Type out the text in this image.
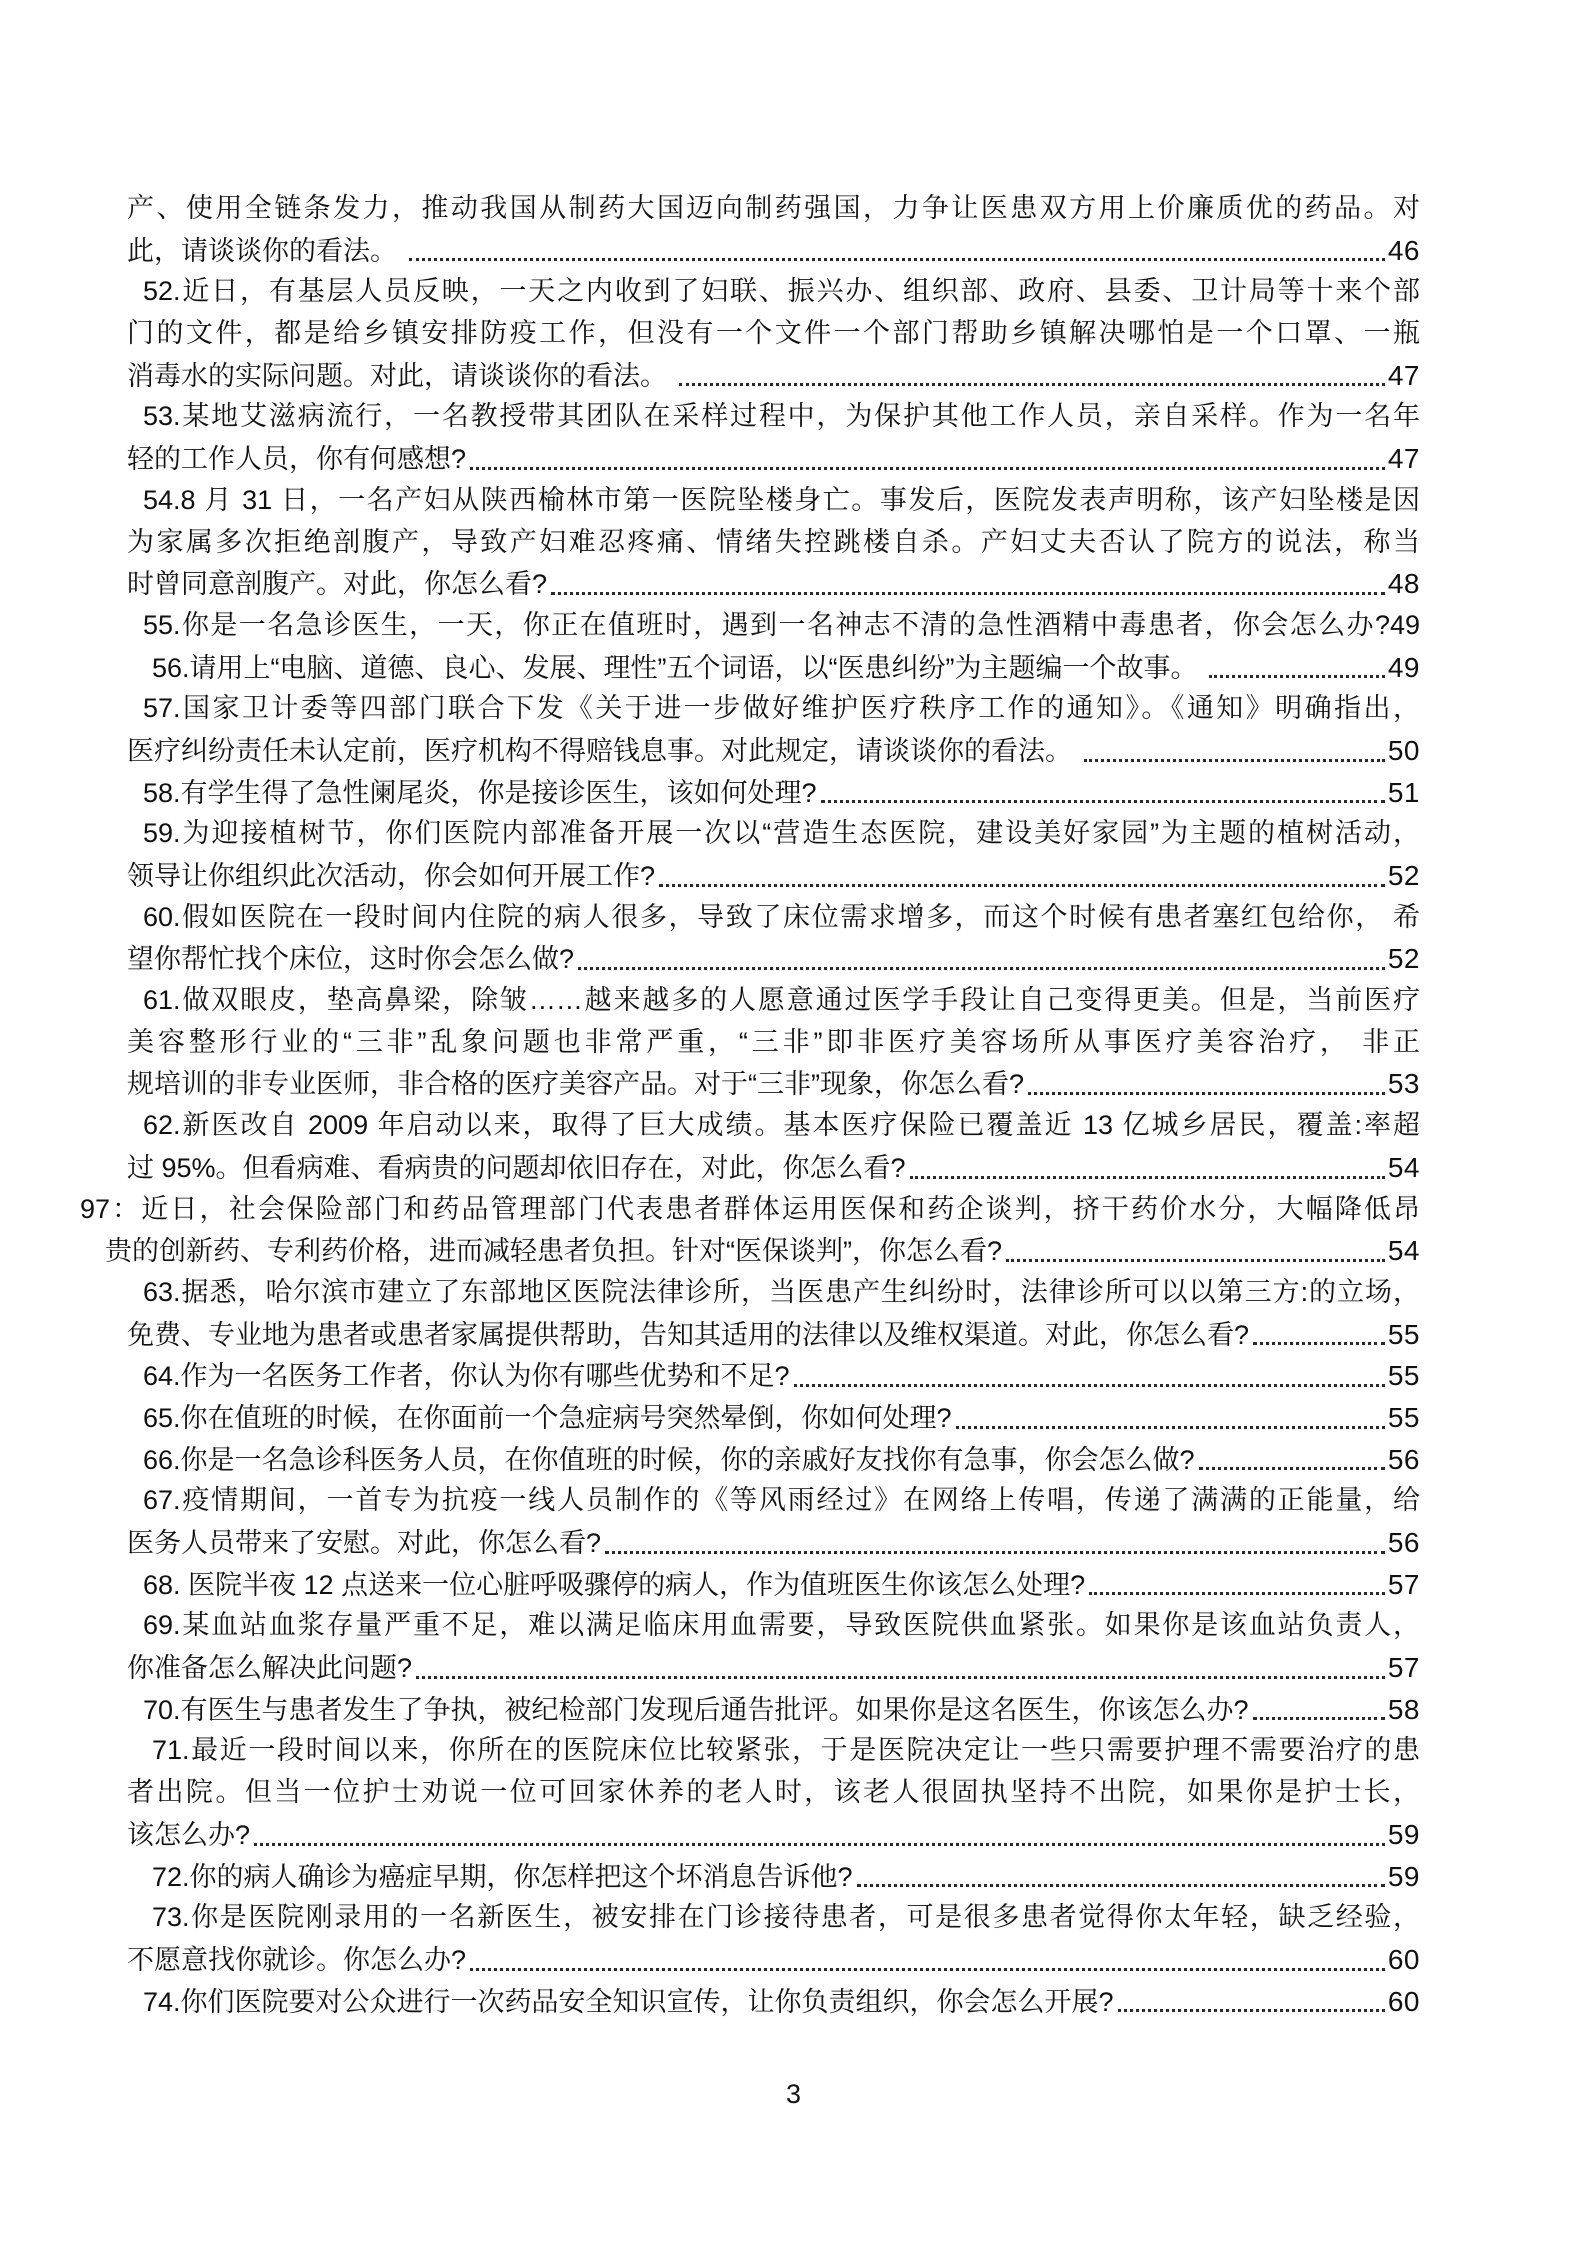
产、使用全链条发力，推动我国从制药大国迈向制药强国，力争让医患双方用上价廉质优的药品。对
此，请谈谈你的看法。	46
52.近日，有基层人员反映，一天之内收到了妇联、振兴办、组织部、政府、县委、卫计局等十来个部
门的文件，都是给乡镇安排防疫工作，但没有一个文件一个部门帮助乡镇解决哪怕是一个口罩、一瓶
消毒水的实际问题。对此，请谈谈你的看法。	47
53.某地艾滋病流行，一名教授带其团队在采样过程中，为保护其他工作人员，亲自采样。作为一名年
轻的工作人员，你有何感想?	47
54.8 月 31 日，一名产妇从陕西榆林市第一医院坠楼身亡。事发后，医院发表声明称，该产妇坠楼是因
为家属多次拒绝剖腹产，导致产妇难忍疼痛、情绪失控跳楼自杀。产妇丈夫否认了院方的说法，称当
时曾同意剖腹产。对此，你怎么看?	48
55.你是一名急诊医生，一天，你正在值班时，遇到一名神志不清的急性酒精中毒患者，你会怎么办?49
56.请用上“电脑、道德、良心、发展、理性”五个词语，以“医患纠纷”为主题编一个故事。	49
57.国家卫计委等四部门联合下发《关于进一步做好维护医疗秩序工作的通知》。《通知》明确指出，
医疗纠纷责任未认定前，医疗机构不得赔钱息事。对此规定，请谈谈你的看法。	50
58.有学生得了急性阑尾炎，你是接诊医生，该如何处理?	51
59.为迎接植树节，你们医院内部准备开展一次以“营造生态医院，建设美好家园”为主题的植树活动，
领导让你组织此次活动，你会如何开展工作?	52
60.假如医院在一段时间内住院的病人很多，导致了床位需求增多，而这个时候有患者塞红包给你， 希
望你帮忙找个床位，这时你会怎么做?	52
61.做双眼皮，垫高鼻梁，除皱……越来越多的人愿意通过医学手段让自己变得更美。但是，当前医疗
美容整形行业的“三非”乱象问题也非常严重，“三非”即非医疗美容场所从事医疗美容治疗， 非正
规培训的非专业医师，非合格的医疗美容产品。对于“三非”现象，你怎么看?	53
62.新医改自 2009 年启动以来，取得了巨大成绩。基本医疗保险已覆盖近 13 亿城乡居民，覆盖:率超
过 95%。但看病难、看病贵的问题却依旧存在，对此，你怎么看?	54
97：近日，社会保险部门和药品管理部门代表患者群体运用医保和药企谈判，挤干药价水分，大幅降低昂
贵的创新药、专利药价格，进而减轻患者负担。针对“医保谈判”，你怎么看?	54
63.据悉，哈尔滨市建立了东部地区医院法律诊所，当医患产生纠纷时，法律诊所可以以第三方:的立场，
免费、专业地为患者或患者家属提供帮助，告知其适用的法律以及维权渠道。对此，你怎么看?	55
64.作为一名医务工作者，你认为你有哪些优势和不足?	55
65.你在值班的时候，在你面前一个急症病号突然晕倒，你如何处理?	55
66.你是一名急诊科医务人员，在你值班的时候，你的亲戚好友找你有急事，你会怎么做?	56
67.疫情期间，一首专为抗疫一线人员制作的《等风雨经过》在网络上传唱，传递了满满的正能量，给
医务人员带来了安慰。对此，你怎么看?	56
68. 医院半夜 12 点送来一位心脏呼吸骤停的病人，作为值班医生你该怎么处理?	57
69.某血站血浆存量严重不足，难以满足临床用血需要，导致医院供血紧张。如果你是该血站负责人，
你准备怎么解决此问题?	57
70.有医生与患者发生了争执，被纪检部门发现后通告批评。如果你是这名医生，你该怎么办?	58
71.最近一段时间以来，你所在的医院床位比较紧张，于是医院决定让一些只需要护理不需要治疗的患
者出院。但当一位护士劝说一位可回家休养的老人时，该老人很固执坚持不出院，如果你是护士长，
该怎么办?	59
72.你的病人确诊为癌症早期，你怎样把这个坏消息告诉他?	59
73.你是医院刚录用的一名新医生，被安排在门诊接待患者，可是很多患者觉得你太年轻，缺乏经验，
不愿意找你就诊。你怎么办?	60
74.你们医院要对公众进行一次药品安全知识宣传，让你负责组织，你会怎么开展?	60
3
